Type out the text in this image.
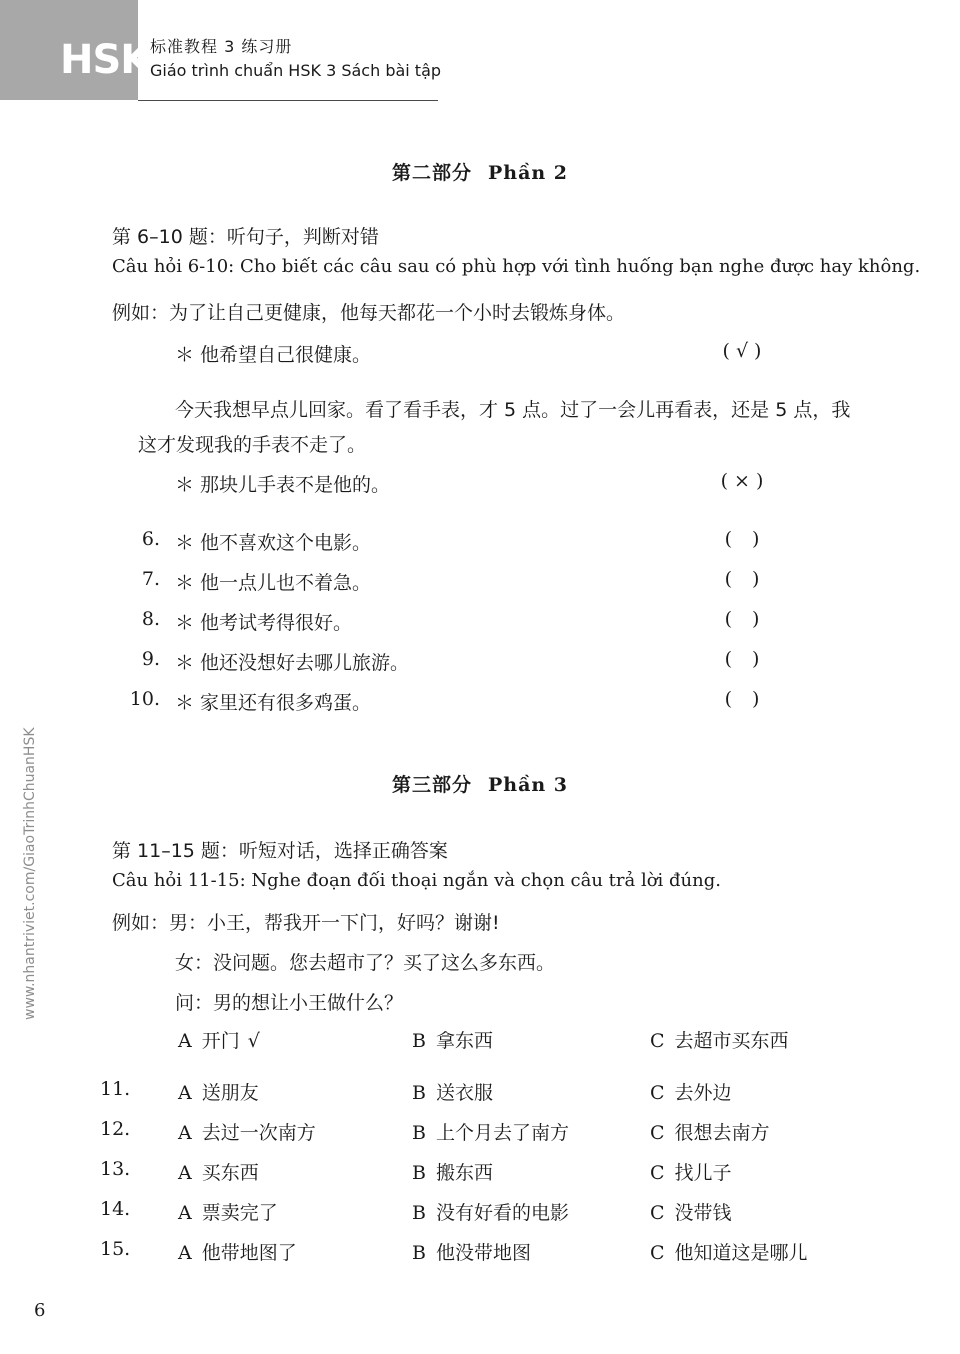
HSK 标准教程 3 练习册
Giáo trình chuẩn HSK 3 Sách bài tập
www.nhantriviet.com/GiaoTrinhChuanHSK
第二部分 Phần 2
第 6–10 题：听句子，判断对错
Câu hỏi 6-10: Cho biết các câu sau có phù hợp với tình huống bạn nghe được hay không.
例如：为了让自己更健康，他每天都花一个小时去锻炼身体。
＊ 他希望自己很健康。	(√)
今天我想早点儿回家。看了看手表，才 5 点。过了一会儿再看表，还是 5 点，我
这才发现我的手表不走了。
＊ 那块儿手表不是他的。	(×)
6. ＊ 他不喜欢这个电影。	( )
7. ＊ 他一点儿也不着急。	( )
8. ＊ 他考试考得很好。	( )
9. ＊ 他还没想好去哪儿旅游。	( )
10. ＊ 家里还有很多鸡蛋。	( )
第三部分 Phần 3
第 11–15 题：听短对话，选择正确答案
Câu hỏi 11-15: Nghe đoạn đối thoại ngắn và chọn câu trả lời đúng.
例如：男：小王，帮我开一下门，好吗？谢谢!
女：没问题。您去超市了？买了这么多东西。
问：男的想让小王做什么？
A 开门 √	B 拿东西	C 去超市买东西
11.	A 送朋友	B 送衣服	C 去外边
12.	A 去过一次南方	B 上个月去了南方	C 很想去南方
13.	A 买东西	B 搬东西	C 找儿子
14.	A 票卖完了	B 没有好看的电影	C 没带钱
15.	A 他带地图了	B 他没带地图	C 他知道这是哪儿
6
